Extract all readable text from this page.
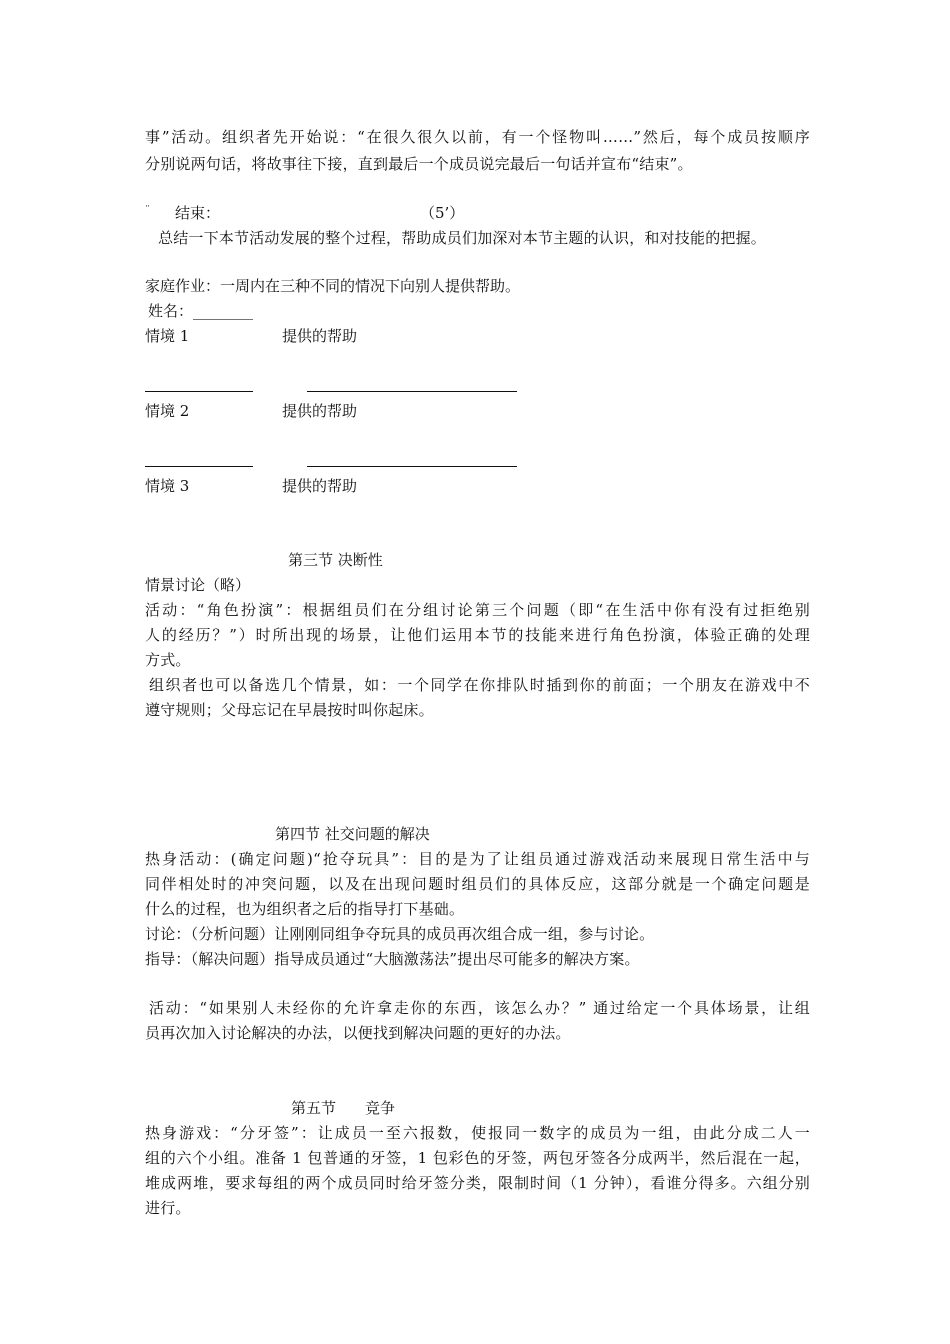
事”活动。组织者先开始说：“在很久很久以前，有一个怪物叫……”然后，每个成员按顺序
分别说两句话，将故事往下接，直到最后一个成员说完最后一句话并宣布“结束”。
¨ 结束：	（5’）
总结一下本节活动发展的整个过程，帮助成员们加深对本节主题的认识，和对技能的把握。
家庭作业：一周内在三种不同的情况下向别人提供帮助。
姓名：________
情境 1	提供的帮助
情境 2	提供的帮助
情境 3	提供的帮助
第三节 决断性
情景讨论（略）
活动：“角色扮演”：根据组员们在分组讨论第三个问题（即“在生活中你有没有过拒绝别
人的经历？”）时所出现的场景，让他们运用本节的技能来进行角色扮演，体验正确的处理
方式。
组织者也可以备选几个情景，如：一个同学在你排队时插到你的前面；一个朋友在游戏中不
遵守规则；父母忘记在早晨按时叫你起床。
第四节 社交问题的解决
热身活动：(确定问题)“抢夺玩具”：目的是为了让组员通过游戏活动来展现日常生活中与
同伴相处时的冲突问题，以及在出现问题时组员们的具体反应，这部分就是一个确定问题是
什么的过程，也为组织者之后的指导打下基础。
讨论：（分析问题）让刚刚同组争夺玩具的成员再次组合成一组，参与讨论。
指导：（解决问题）指导成员通过“大脑激荡法”提出尽可能多的解决方案。
活动：“如果别人未经你的允许拿走你的东西，该怎么办？” 通过给定一个具体场景，让组
员再次加入讨论解决的办法，以便找到解决问题的更好的办法。
第五节 竞争
热身游戏：“分牙签”：让成员一至六报数，使报同一数字的成员为一组，由此分成二人一
组的六个小组。准备 1 包普通的牙签，1 包彩色的牙签，两包牙签各分成两半，然后混在一起，
堆成两堆，要求每组的两个成员同时给牙签分类，限制时间（1 分钟），看谁分得多。六组分别
进行。
